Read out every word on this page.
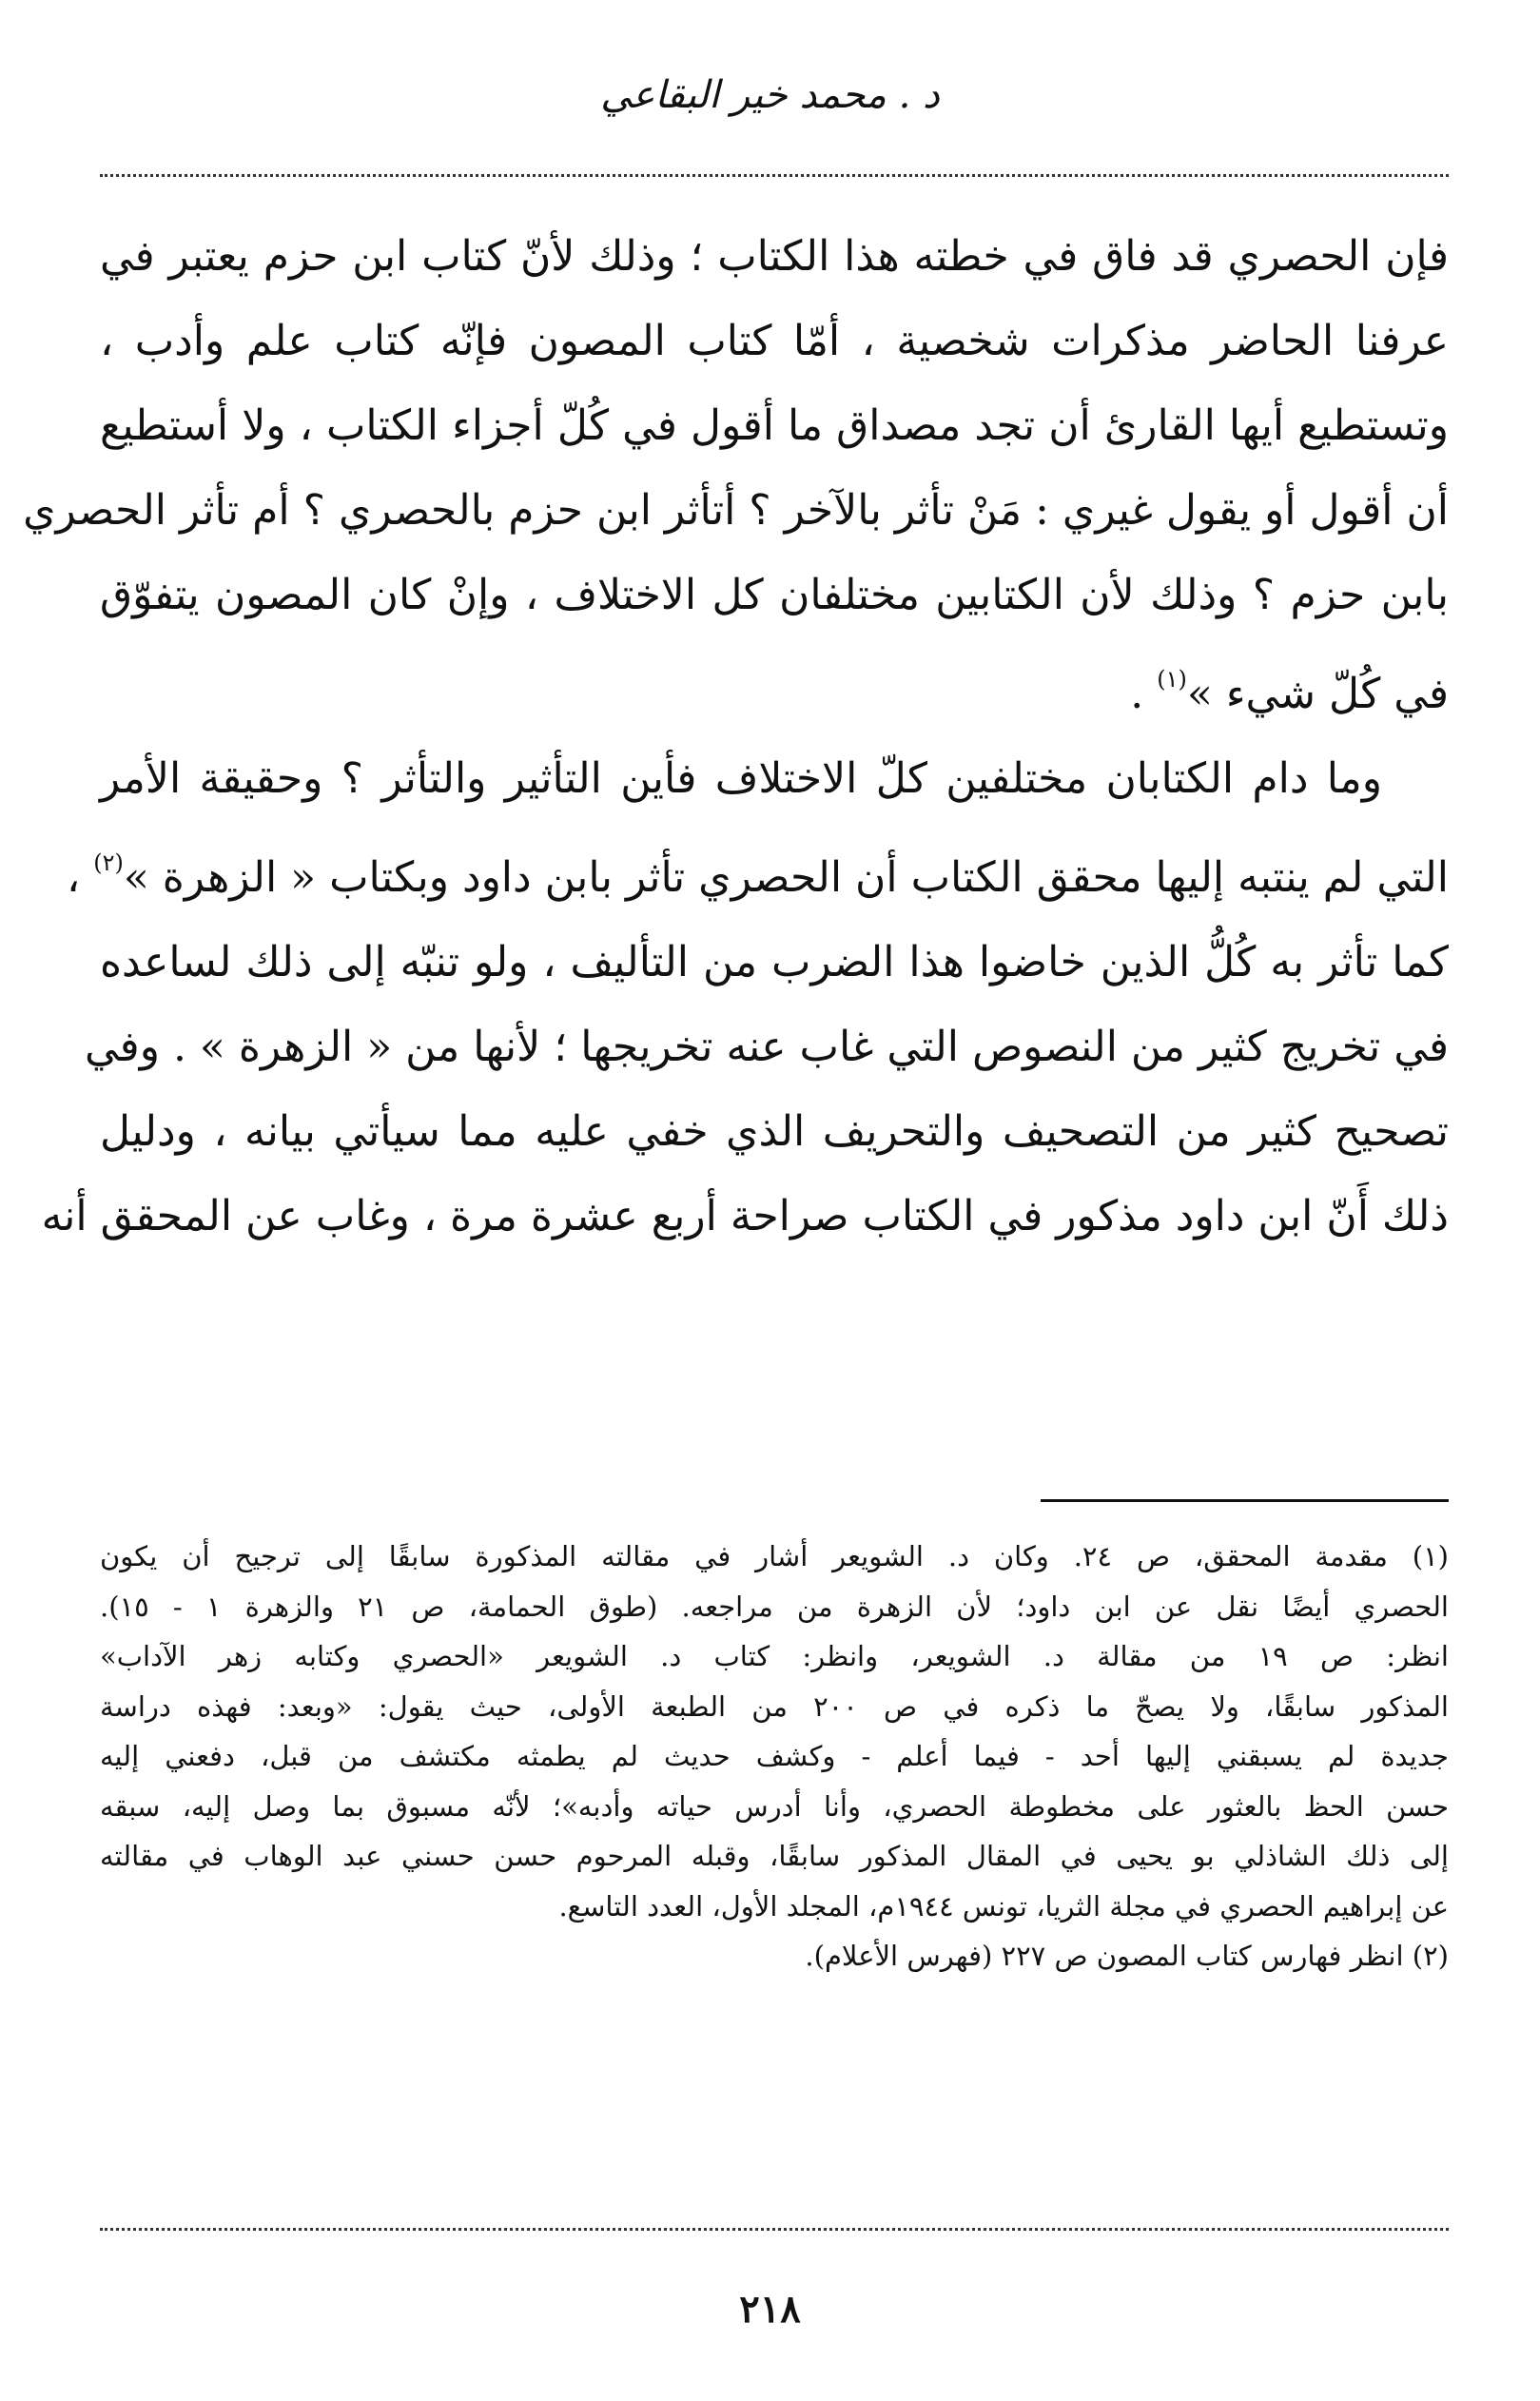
د . محمد خير البقاعي
فإن الحصري قد فاق في خطته هذا الكتاب ؛ وذلك لأنّ كتاب ابن حزم يعتبر في
عرفنا الحاضر مذكرات شخصية ، أمّا كتاب المصون فإنّه كتاب علم وأدب ،
وتستطيع أيها القارئ أن تجد مصداق ما أقول في كُلّ أجزاء الكتاب ، ولا أستطيع
أن أقول أو يقول غيري : مَنْ تأثر بالآخر ؟ أتأثر ابن حزم بالحصري ؟ أم تأثر الحصري
بابن حزم ؟ وذلك لأن الكتابين مختلفان كل الاختلاف ، وإنْ كان المصون يتفوّق
في كُلّ شيء »$^{(١)}$ .
وما دام الكتابان مختلفين كلّ الاختلاف فأين التأثير والتأثر ؟ وحقيقة الأمر
التي لم ينتبه إليها محقق الكتاب أن الحصري تأثر بابن داود وبكتاب « الزهرة »$^{(٢)}$ ،
كما تأثر به كُلُّ الذين خاضوا هذا الضرب من التأليف ، ولو تنبّه إلى ذلك لساعده
في تخريج كثير من النصوص التي غاب عنه تخريجها ؛ لأنها من « الزهرة » . وفي
تصحيح كثير من التصحيف والتحريف الذي خفي عليه مما سيأتي بيانه ، ودليل
ذلك أَنّ ابن داود مذكور في الكتاب صراحة أربع عشرة مرة ، وغاب عن المحقق أنه
(١) مقدمة المحقق، ص ٢٤. وكان د. الشويعر أشار في مقالته المذكورة سابقًا إلى ترجيح أن يكون
الحصري أيضًا نقل عن ابن داود؛ لأن الزهرة من مراجعه. (طوق الحمامة، ص ٢١ والزهرة ١ - ١٥).
انظر: ص ١٩ من مقالة د. الشويعر، وانظر: كتاب د. الشويعر «الحصري وكتابه زهر الآداب»
المذكور سابقًا، ولا يصحّ ما ذكره في ص ٢٠٠ من الطبعة الأولى، حيث يقول: «وبعد: فهذه دراسة
جديدة لم يسبقني إليها أحد - فيما أعلم - وكشف حديث لم يطمثه مكتشف من قبل، دفعني إليه
حسن الحظ بالعثور على مخطوطة الحصري، وأنا أدرس حياته وأدبه»؛ لأنّه مسبوق بما وصل إليه، سبقه
إلى ذلك الشاذلي بو يحيى في المقال المذكور سابقًا، وقبله المرحوم حسن حسني عبد الوهاب في مقالته
عن إبراهيم الحصري في مجلة الثريا، تونس ١٩٤٤م، المجلد الأول، العدد التاسع.
(٢) انظر فهارس كتاب المصون ص ٢٢٧ (فهرس الأعلام).
٢١٨
